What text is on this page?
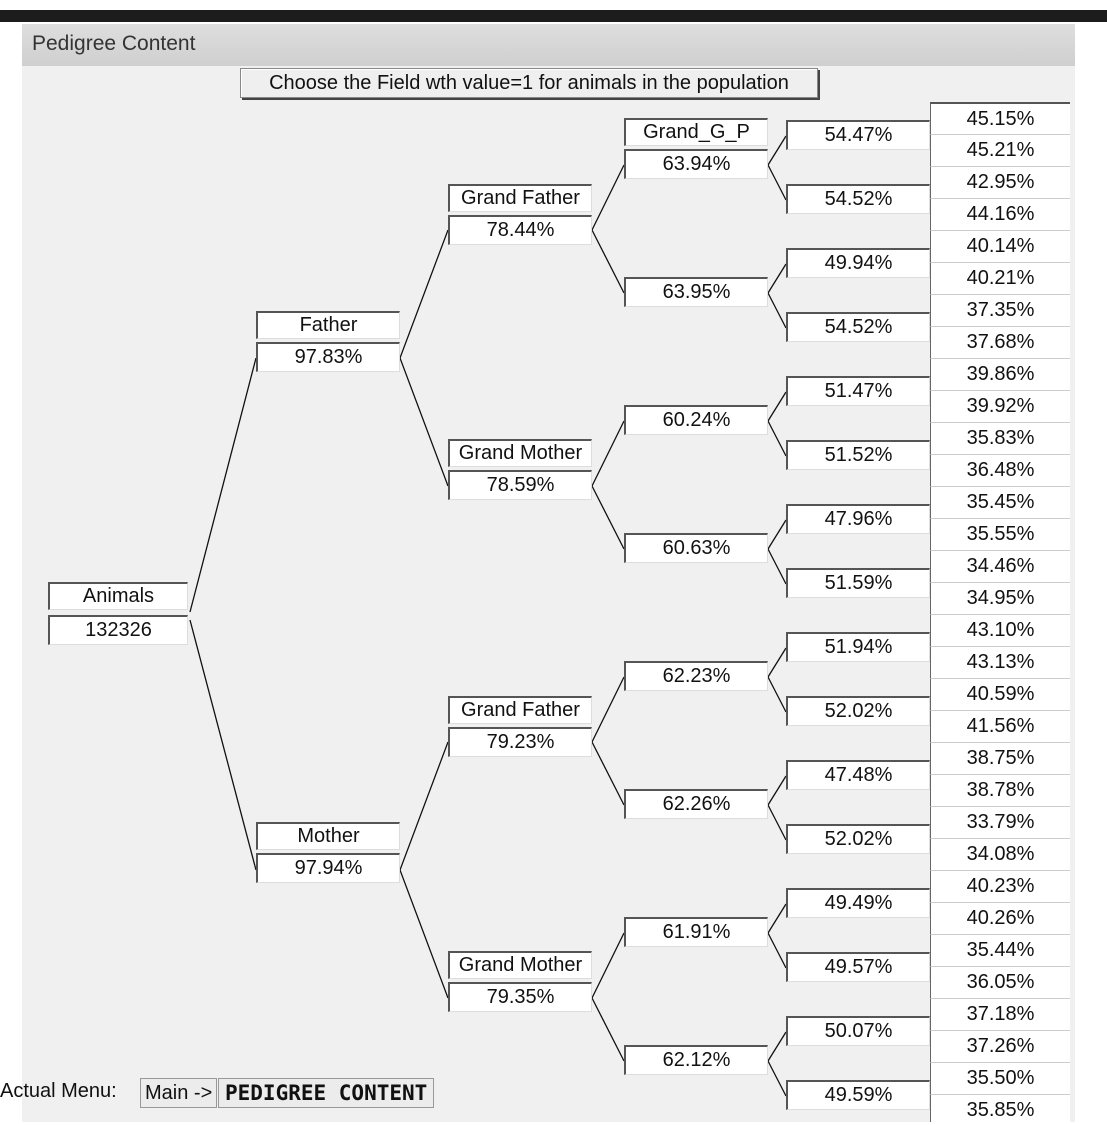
Pedigree Content
Choose the Field wth value=1 for animals in the population
Animals
132326
Father
97.83%
Mother
97.94%
Grand Father
78.44%
Grand Mother
78.59%
Grand Father
79.23%
Grand Mother
79.35%
Grand_G_P
63.94%
63.95%
60.24%
60.63%
62.23%
62.26%
61.91%
62.12%
54.47%
54.52%
49.94%
54.52%
51.47%
51.52%
47.96%
51.59%
51.94%
52.02%
47.48%
52.02%
49.49%
49.57%
50.07%
49.59%
45.15%
45.21%
42.95%
44.16%
40.14%
40.21%
37.35%
37.68%
39.86%
39.92%
35.83%
36.48%
35.45%
35.55%
34.46%
34.95%
43.10%
43.13%
40.59%
41.56%
38.75%
38.78%
33.79%
34.08%
40.23%
40.26%
35.44%
36.05%
37.18%
37.26%
35.50%
35.85%
Actual Menu: Main -> PEDIGREE CONTENT
